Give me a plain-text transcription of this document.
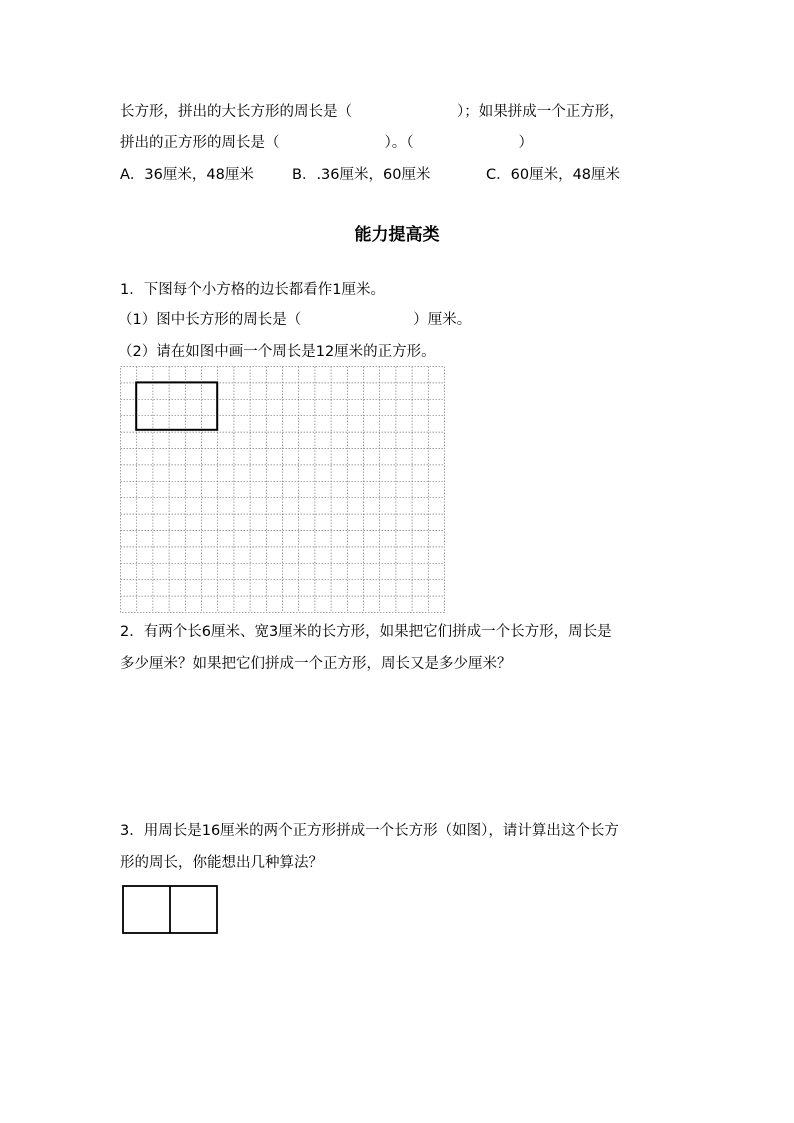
长方形，拼出的大长方形的周长是（	）；如果拼成一个正方形，
拼出的正方形的周长是（	）。（	）
A．36厘米，48厘米	B．.36厘米，60厘米	C．60厘米，48厘米
能力提高类
1．下图每个小方格的边长都看作1厘米。
（1）图中长方形的周长是（	）厘米。
（2）请在如图中画一个周长是12厘米的正方形。
2．有两个长6厘米、宽3厘米的长方形，如果把它们拼成一个长方形，周长是
多少厘米？如果把它们拼成一个正方形，周长又是多少厘米？
3．用周长是16厘米的两个正方形拼成一个长方形（如图），请计算出这个长方
形的周长，你能想出几种算法？
